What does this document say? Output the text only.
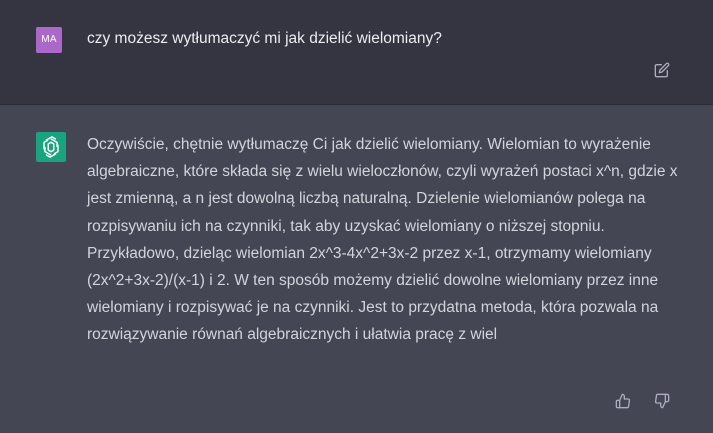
MA	czy możesz wytłumaczyć mi jak dzielić wielomiany?

Oczywiście, chętnie wytłumaczę Ci jak dzielić wielomiany. Wielomian to wyrażenie algebraiczne, które składa się z wielu wieloczłonów, czyli wyrażeń postaci x^n, gdzie x jest zmienną, a n jest dowolną liczbą naturalną. Dzielenie wielomianów polega na rozpisywaniu ich na czynniki, tak aby uzyskać wielomiany o niższej stopniu. Przykładowo, dzieląc wielomian 2x^3-4x^2+3x-2 przez x-1, otrzymamy wielomiany (2x^2+3x-2)/(x-1) i 2. W ten sposób możemy dzielić dowolne wielomiany przez inne wielomiany i rozpisywać je na czynniki. Jest to przydatna metoda, która pozwala na rozwiązywanie równań algebraicznych i ułatwia pracę z wiel
